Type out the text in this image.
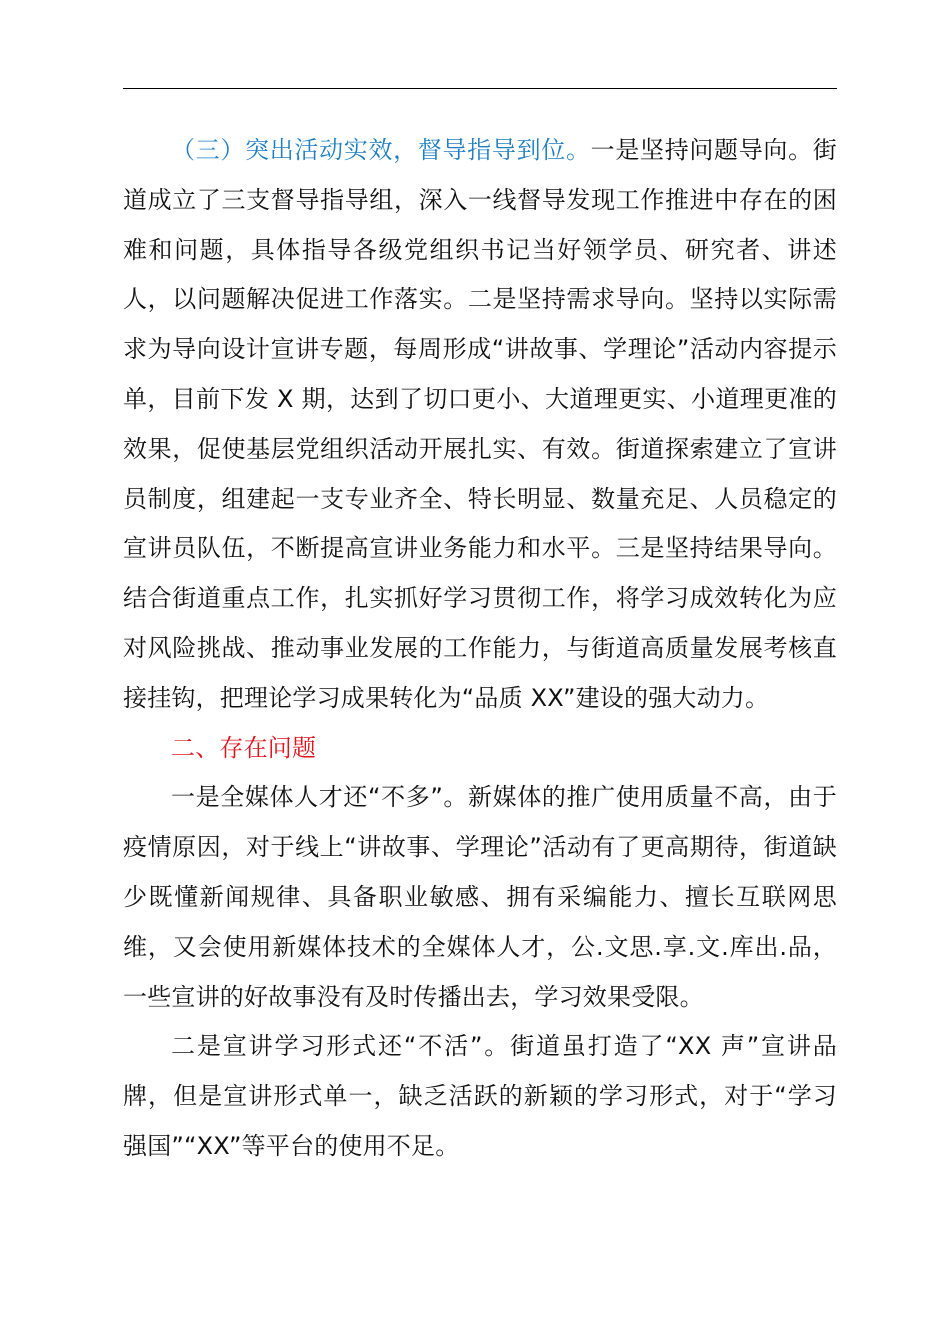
（三）突出活动实效，督导指导到位。一是坚持问题导向。街道成立了三支督导指导组，深入一线督导发现工作推进中存在的困难和问题，具体指导各级党组织书记当好领学员、研究者、讲述人，以问题解决促进工作落实。二是坚持需求导向。坚持以实际需求为导向设计宣讲专题，每周形成“讲故事、学理论”活动内容提示单，目前下发 X 期，达到了切口更小、大道理更实、小道理更准的效果，促使基层党组织活动开展扎实、有效。街道探索建立了宣讲员制度，组建起一支专业齐全、特长明显、数量充足、人员稳定的宣讲员队伍，不断提高宣讲业务能力和水平。三是坚持结果导向。结合街道重点工作，扎实抓好学习贯彻工作，将学习成效转化为应对风险挑战、推动事业发展的工作能力，与街道高质量发展考核直接挂钩，把理论学习成果转化为“品质 XX”建设的强大动力。

二、存在问题

一是全媒体人才还“不多”。新媒体的推广使用质量不高，由于疫情原因，对于线上“讲故事、学理论”活动有了更高期待，街道缺少既懂新闻规律、具备职业敏感、拥有采编能力、擅长互联网思维，又会使用新媒体技术的全媒体人才，公.文思.享.文.库出.品，一些宣讲的好故事没有及时传播出去，学习效果受限。

二是宣讲学习形式还“不活”。街道虽打造了“XX 声”宣讲品牌，但是宣讲形式单一，缺乏活跃的新颖的学习形式，对于“学习强国”“XX”等平台的使用不足。
